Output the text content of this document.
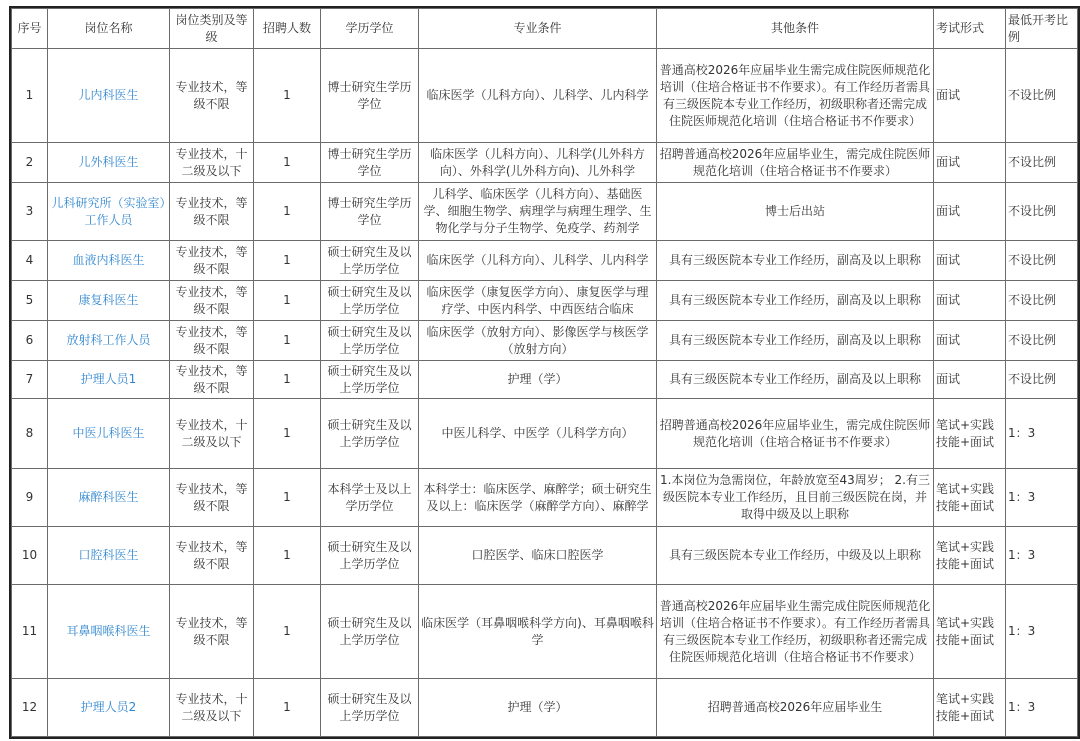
序号	岗位名称	岗位类别及等级	招聘人数	学历学位	专业条件	其他条件	考试形式	最低开考比例
1	儿内科医生	专业技术，等级不限	1	博士研究生学历学位	临床医学（儿科方向）、儿科学、儿内科学	普通高校2026年应届毕业生需完成住院医师规范化培训（住培合格证书不作要求）。有工作经历者需具有三级医院本专业工作经历，初级职称者还需完成住院医师规范化培训（住培合格证书不作要求）	面试	不设比例
2	儿外科医生	专业技术，十二级及以下	1	博士研究生学历学位	临床医学（儿科方向）、儿科学(儿外科方向）、外科学(儿外科方向)、儿外科学	招聘普通高校2026年应届毕业生，需完成住院医师规范化培训（住培合格证书不作要求）	面试	不设比例
3	儿科研究所（实验室）工作人员	专业技术，等级不限	1	博士研究生学历学位	儿科学、临床医学（儿科方向）、基础医学、细胞生物学、病理学与病理生理学、生物化学与分子生物学、免疫学、药剂学	博士后出站	面试	不设比例
4	血液内科医生	专业技术，等级不限	1	硕士研究生及以上学历学位	临床医学（儿科方向）、儿科学、儿内科学	具有三级医院本专业工作经历，副高及以上职称	面试	不设比例
5	康复科医生	专业技术，等级不限	1	硕士研究生及以上学历学位	临床医学（康复医学方向）、康复医学与理疗学、中医内科学、中西医结合临床	具有三级医院本专业工作经历，副高及以上职称	面试	不设比例
6	放射科工作人员	专业技术，等级不限	1	硕士研究生及以上学历学位	临床医学（放射方向）、影像医学与核医学（放射方向）	具有三级医院本专业工作经历，副高及以上职称	面试	不设比例
7	护理人员1	专业技术，等级不限	1	硕士研究生及以上学历学位	护理（学）	具有三级医院本专业工作经历，副高及以上职称	面试	不设比例
8	中医儿科医生	专业技术，十二级及以下	1	硕士研究生及以上学历学位	中医儿科学、中医学（儿科学方向）	招聘普通高校2026年应届毕业生，需完成住院医师规范化培训（住培合格证书不作要求）	笔试+实践技能+面试	1：3
9	麻醉科医生	专业技术，等级不限	1	本科学士及以上学历学位	本科学士：临床医学、麻醉学；硕士研究生及以上：临床医学（麻醉学方向）、麻醉学	1.本岗位为急需岗位，年龄放宽至43周岁； 2.有三级医院本专业工作经历，且目前三级医院在岗，并取得中级及以上职称	笔试+实践技能+面试	1：3
10	口腔科医生	专业技术，等级不限	1	硕士研究生及以上学历学位	口腔医学、临床口腔医学	具有三级医院本专业工作经历，中级及以上职称	笔试+实践技能+面试	1：3
11	耳鼻咽喉科医生	专业技术，等级不限	1	硕士研究生及以上学历学位	临床医学（耳鼻咽喉科学方向)、耳鼻咽喉科学	普通高校2026年应届毕业生需完成住院医师规范化培训（住培合格证书不作要求）。有工作经历者需具有三级医院本专业工作经历，初级职称者还需完成住院医师规范化培训（住培合格证书不作要求）	笔试+实践技能+面试	1：3
12	护理人员2	专业技术，十二级及以下	1	硕士研究生及以上学历学位	护理（学）	招聘普通高校2026年应届毕业生	笔试+实践技能+面试	1：3
